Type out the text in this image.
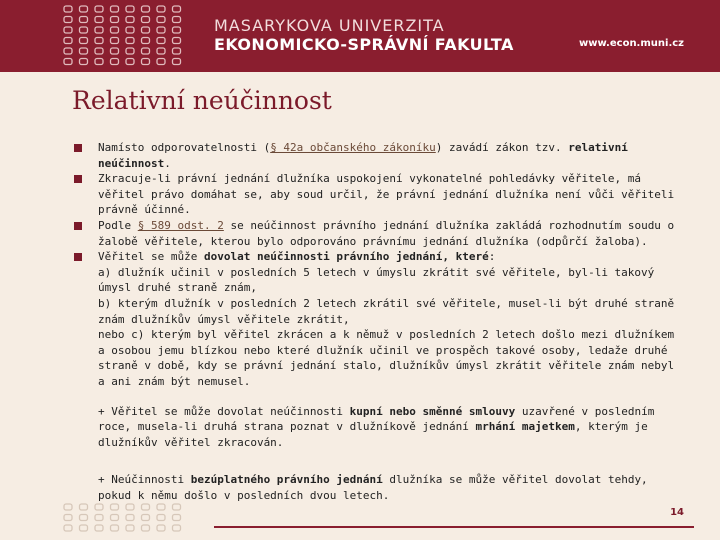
MASARYKOVA UNIVERZITA
EKONOMICKO-SPRÁVNÍ FAKULTA	www.econ.muni.cz
Relativní neúčinnost
Namísto odporovatelnosti (§ 42a občanského zákoníku) zavádí zákon tzv. relativní neúčinnost.
Zkracuje-li právní jednání dlužníka uspokojení vykonatelné pohledávky věřitele, má věřitel právo domáhat se, aby soud určil, že právní jednání dlužníka není vůči věřiteli právně účinné.
Podle § 589 odst. 2 se neúčinnost právního jednání dlužníka zakládá rozhodnutím soudu o žalobě věřitele, kterou bylo odporováno právnímu jednání dlužníka (odpůrčí žaloba).
Věřitel se může dovolat neúčinnosti právního jednání, které:
a) dlužník učinil v posledních 5 letech v úmyslu zkrátit své věřitele, byl-li takový úmysl druhé straně znám,
b) kterým dlužník v posledních 2 letech zkrátil své věřitele, musel-li být druhé straně znám dlužníkův úmysl věřitele zkrátit,
nebo c) kterým byl věřitel zkrácen a k němuž v posledních 2 letech došlo mezi dlužníkem a osobou jemu blízkou nebo které dlužník učinil ve prospěch takové osoby, ledaže druhé straně v době, kdy se právní jednání stalo, dlužníkův úmysl zkrátit věřitele znám nebyl a ani znám být nemusel.
+ Věřitel se může dovolat neúčinnosti kupní nebo směnné smlouvy uzavřené v posledním roce, musela-li druhá strana poznat v dlužníkově jednání mrhání majetkem, kterým je dlužníkův věřitel zkracován.
+ Neúčinnosti bezúplatného právního jednání dlužníka se může věřitel dovolat tehdy, pokud k němu došlo v posledních dvou letech.
14
